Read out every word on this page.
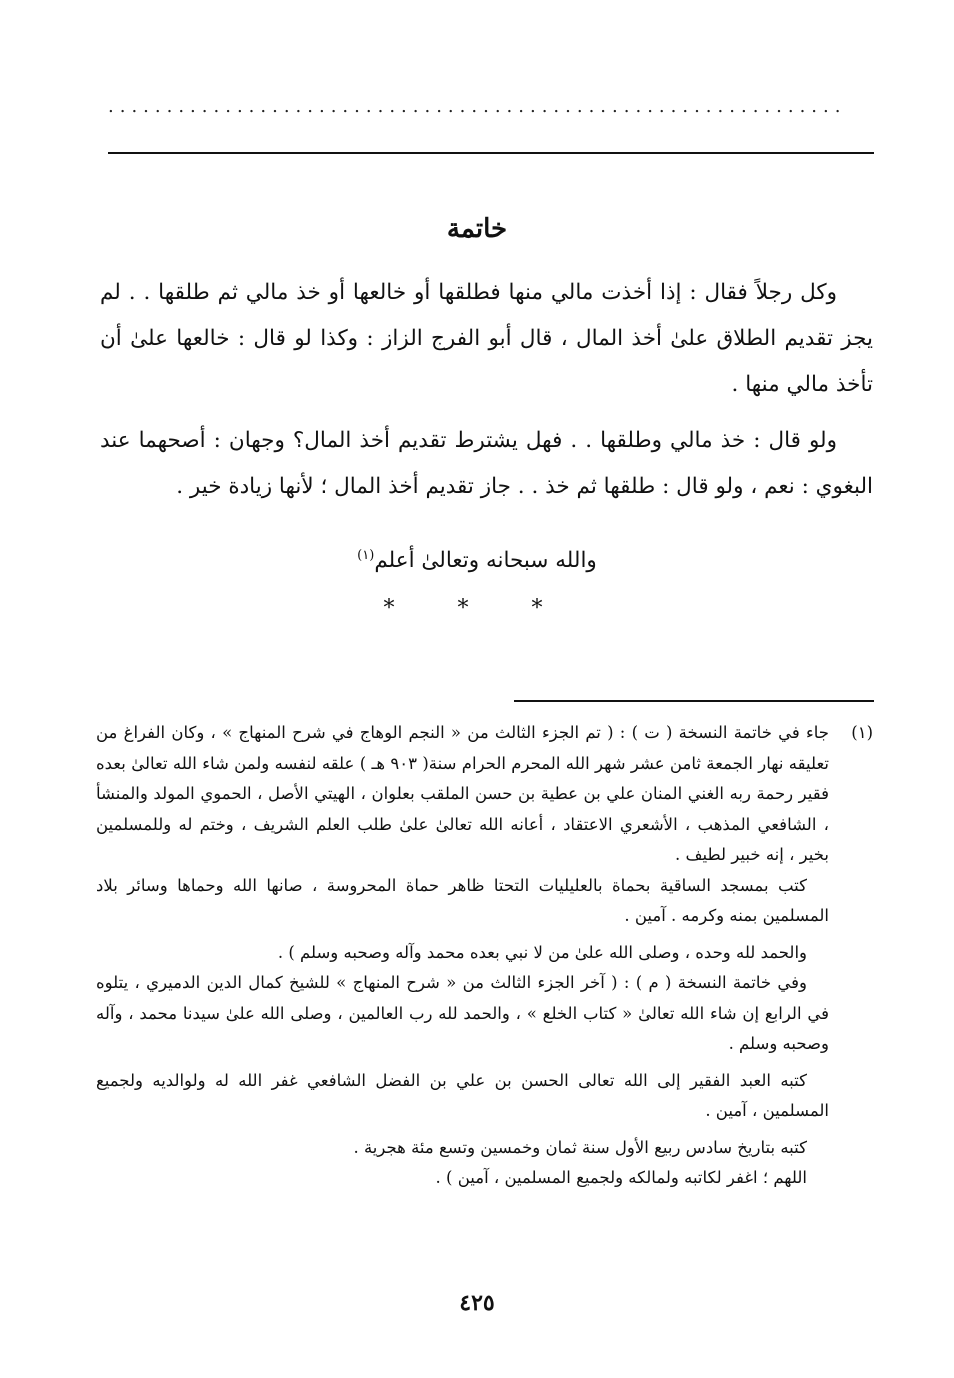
...............................................................
خاتمة

وكل رجلاً فقال : إذا أخذت مالي منها فطلقها أو خالعها أو خذ مالي ثم طلقها . . لم يجز تقديم الطلاق علىٰ أخذ المال ، قال أبو الفرج الزاز : وكذا لو قال : خالعها علىٰ أن تأخذ مالي منها .

ولو قال : خذ مالي وطلقها . . فهل يشترط تقديم أخذ المال؟ وجهان : أصحهما عند البغوي : نعم ، ولو قال : طلقها ثم خذ . . جاز تقديم أخذ المال ؛ لأنها زيادة خير .

والله سبحانه وتعالىٰ أعلم$^{(١)}$
* * *
(١)

جاء في خاتمة النسخة ( ت ) : ( تم الجزء الثالث من « النجم الوهاج في شرح المنهاج » ، وكان الفراغ من تعليقه نهار الجمعة ثامن عشر شهر الله المحرم الحرام سنة( ٩٠٣ هـ ) علقه لنفسه ولمن شاء الله تعالىٰ بعده فقير رحمة ربه الغني المنان علي بن عطية بن حسن الملقب بعلوان ، الهيتي الأصل ، الحموي المولد والمنشأ ، الشافعي المذهب ، الأشعري الاعتقاد ، أعانه الله تعالىٰ علىٰ طلب العلم الشريف ، وختم له وللمسلمين بخير ، إنه خبير لطيف .

كتب بمسجد الساقية بحماة بالعليليات التحتا ظاهر حماة المحروسة ، صانها الله وحماها وسائر بلاد المسلمين بمنه وكرمه . آمين .

والحمد لله وحده ، وصلى الله علىٰ من لا نبي بعده محمد وآله وصحبه وسلم ) .

وفي خاتمة النسخة ( م ) : ( آخر الجزء الثالث من « شرح المنهاج » للشيخ كمال الدين الدميري ، يتلوه في الرابع إن شاء الله تعالىٰ « كتاب الخلع » ، والحمد لله رب العالمين ، وصلى الله علىٰ سيدنا محمد ، وآله وصحبه وسلم .

كتبه العبد الفقير إلى الله تعالى الحسن بن علي بن الفضل الشافعي غفر الله له ولوالديه ولجميع المسلمين ، آمين .

كتبه بتاريخ سادس ربيع الأول سنة ثمان وخمسين وتسع مئة هجرية .

اللهم ؛ اغفر لكاتبه ولمالكه ولجميع المسلمين ، آمين ) .

٤٢٥
